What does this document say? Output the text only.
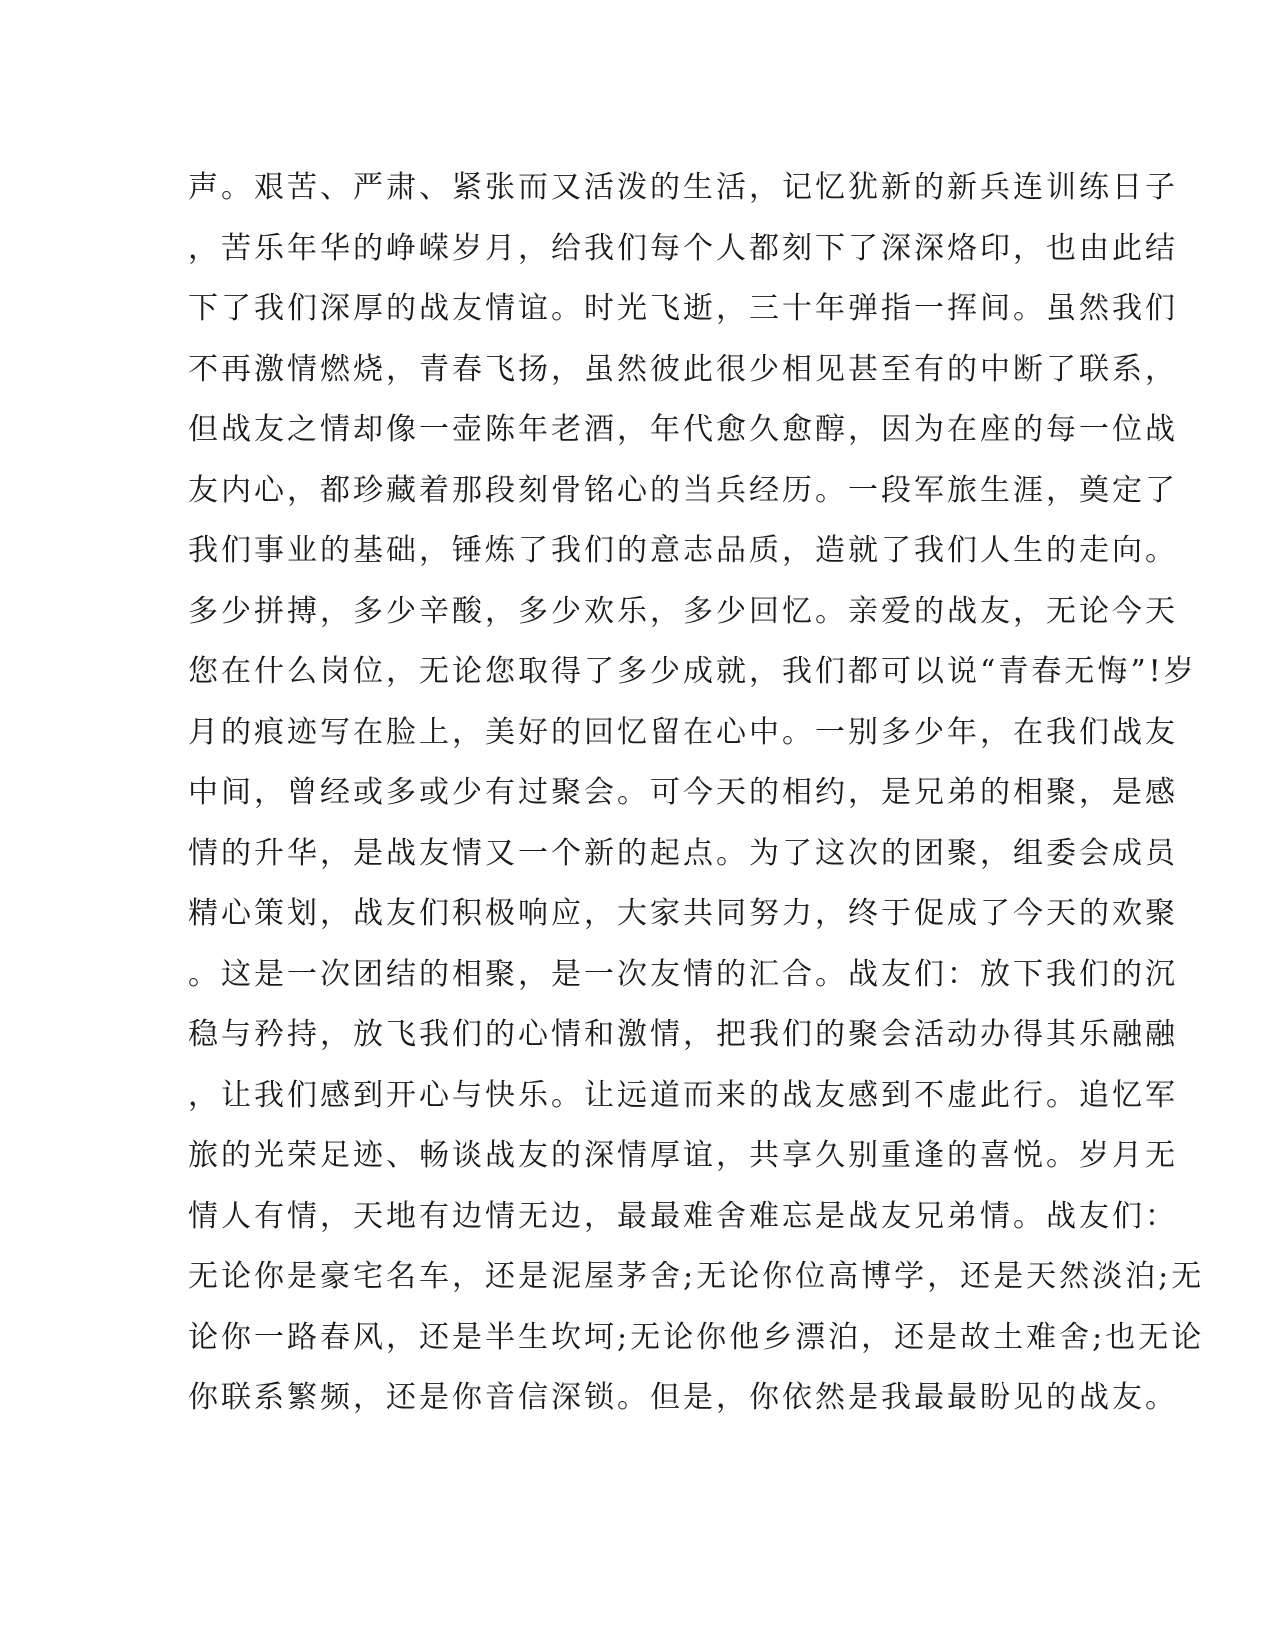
声。艰苦、严肃、紧张而又活泼的生活，记忆犹新的新兵连训练日子
，苦乐年华的峥嵘岁月，给我们每个人都刻下了深深烙印，也由此结
下了我们深厚的战友情谊。时光飞逝，三十年弹指一挥间。虽然我们
不再激情燃烧，青春飞扬，虽然彼此很少相见甚至有的中断了联系，
但战友之情却像一壶陈年老酒，年代愈久愈醇，因为在座的每一位战
友内心，都珍藏着那段刻骨铭心的当兵经历。一段军旅生涯，奠定了
我们事业的基础，锤炼了我们的意志品质，造就了我们人生的走向。
多少拼搏，多少辛酸，多少欢乐，多少回忆。亲爱的战友，无论今天
您在什么岗位，无论您取得了多少成就，我们都可以说“青春无悔”!岁
月的痕迹写在脸上，美好的回忆留在心中。一别多少年，在我们战友
中间，曾经或多或少有过聚会。可今天的相约，是兄弟的相聚，是感
情的升华，是战友情又一个新的起点。为了这次的团聚，组委会成员
精心策划，战友们积极响应，大家共同努力，终于促成了今天的欢聚
。这是一次团结的相聚，是一次友情的汇合。战友们：放下我们的沉
稳与矜持，放飞我们的心情和激情，把我们的聚会活动办得其乐融融
，让我们感到开心与快乐。让远道而来的战友感到不虚此行。追忆军
旅的光荣足迹、畅谈战友的深情厚谊，共享久别重逢的喜悦。岁月无
情人有情，天地有边情无边，最最难舍难忘是战友兄弟情。战友们：
无论你是豪宅名车，还是泥屋茅舍;无论你位高博学，还是天然淡泊;无
论你一路春风，还是半生坎坷;无论你他乡漂泊，还是故土难舍;也无论
你联系繁频，还是你音信深锁。但是，你依然是我最最盼见的战友。
